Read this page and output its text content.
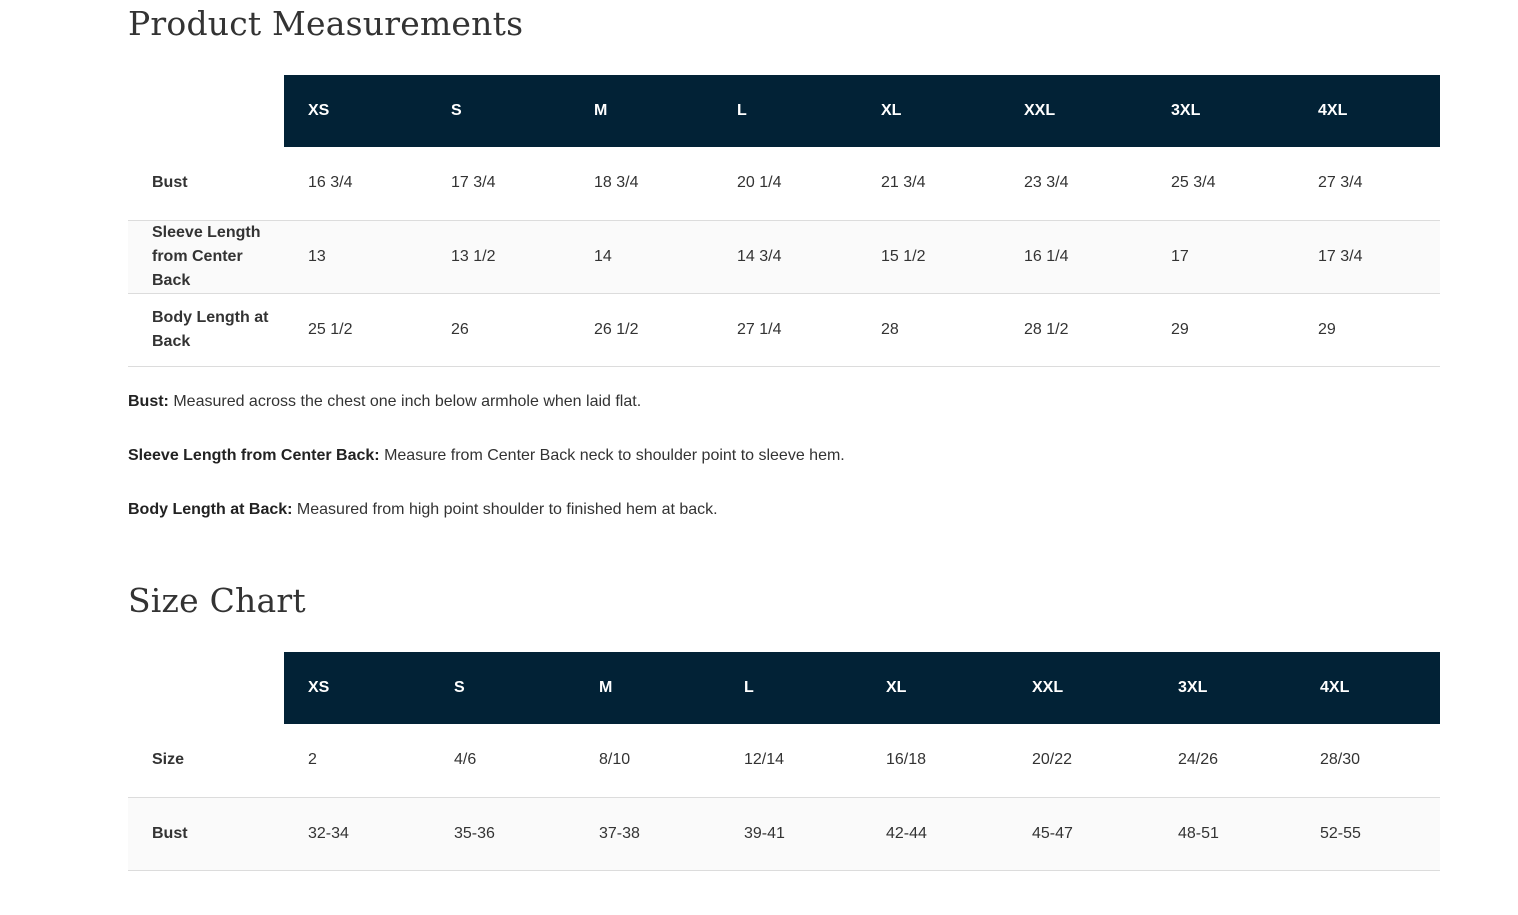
Product Measurements
	XS	S	M	L	XL	XXL	3XL	4XL
Bust	16 3/4	17 3/4	18 3/4	20 1/4	21 3/4	23 3/4	25 3/4	27 3/4
Sleeve Length from Center Back	13	13 1/2	14	14 3/4	15 1/2	16 1/4	17	17 3/4
Body Length at Back	25 1/2	26	26 1/2	27 1/4	28	28 1/2	29	29

Bust: Measured across the chest one inch below armhole when laid flat.

Sleeve Length from Center Back: Measure from Center Back neck to shoulder point to sleeve hem.

Body Length at Back: Measured from high point shoulder to finished hem at back.

Size Chart
	XS	S	M	L	XL	XXL	3XL	4XL
Size	2	4/6	8/10	12/14	16/18	20/22	24/26	28/30
Bust	32-34	35-36	37-38	39-41	42-44	45-47	48-51	52-55
